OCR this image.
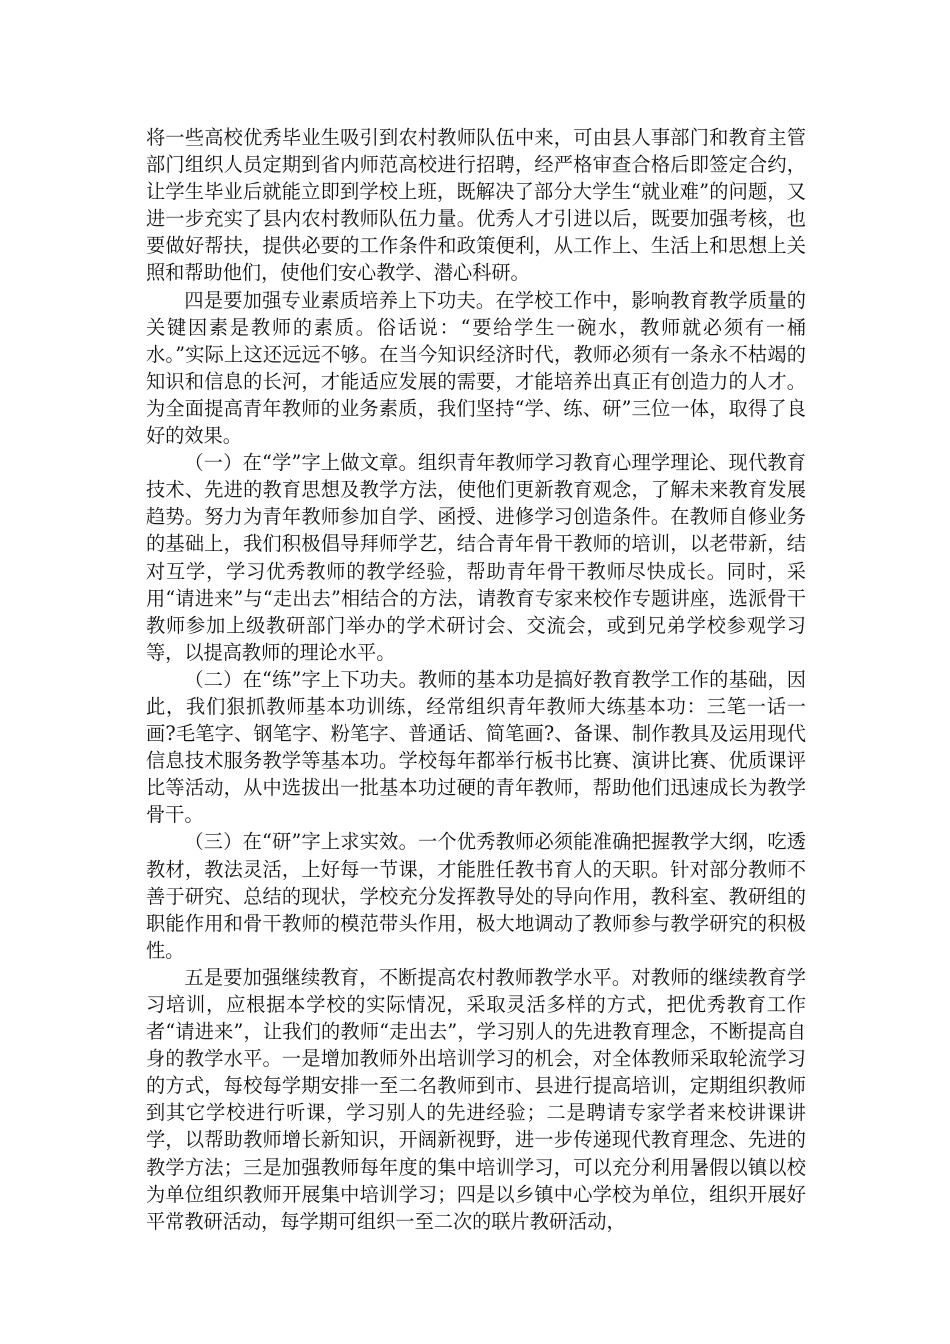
将一些高校优秀毕业生吸引到农村教师队伍中来，可由县人事部门和教育主管部门组织人员定期到省内师范高校进行招聘，经严格审查合格后即签定合约，让学生毕业后就能立即到学校上班，既解决了部分大学生“就业难”的问题，又进一步充实了县内农村教师队伍力量。优秀人才引进以后，既要加强考核，也要做好帮扶，提供必要的工作条件和政策便利，从工作上、生活上和思想上关照和帮助他们，使他们安心教学、潜心科研。

四是要加强专业素质培养上下功夫。在学校工作中，影响教育教学质量的关键因素是教师的素质。俗话说：“要给学生一碗水，教师就必须有一桶水。”实际上这还远远不够。在当今知识经济时代，教师必须有一条永不枯竭的知识和信息的长河，才能适应发展的需要，才能培养出真正有创造力的人才。为全面提高青年教师的业务素质，我们坚持“学、练、研”三位一体，取得了良好的效果。

（一）在“学”字上做文章。组织青年教师学习教育心理学理论、现代教育技术、先进的教育思想及教学方法，使他们更新教育观念，了解未来教育发展趋势。努力为青年教师参加自学、函授、进修学习创造条件。在教师自修业务的基础上，我们积极倡导拜师学艺，结合青年骨干教师的培训，以老带新，结对互学，学习优秀教师的教学经验，帮助青年骨干教师尽快成长。同时，采用“请进来”与“走出去”相结合的方法，请教育专家来校作专题讲座，选派骨干教师参加上级教研部门举办的学术研讨会、交流会，或到兄弟学校参观学习等，以提高教师的理论水平。

（二）在“练”字上下功夫。教师的基本功是搞好教育教学工作的基础，因此，我们狠抓教师基本功训练，经常组织青年教师大练基本功：三笔一话一画?毛笔字、钢笔字、粉笔字、普通话、简笔画?、备课、制作教具及运用现代信息技术服务教学等基本功。学校每年都举行板书比赛、演讲比赛、优质课评比等活动，从中选拔出一批基本功过硬的青年教师，帮助他们迅速成长为教学骨干。

（三）在“研”字上求实效。一个优秀教师必须能准确把握教学大纲，吃透教材，教法灵活，上好每一节课，才能胜任教书育人的天职。针对部分教师不善于研究、总结的现状，学校充分发挥教导处的导向作用，教科室、教研组的职能作用和骨干教师的模范带头作用，极大地调动了教师参与教学研究的积极性。

五是要加强继续教育，不断提高农村教师教学水平。对教师的继续教育学习培训，应根据本学校的实际情况，采取灵活多样的方式，把优秀教育工作者“请进来”，让我们的教师“走出去”，学习别人的先进教育理念，不断提高自身的教学水平。一是增加教师外出培训学习的机会，对全体教师采取轮流学习的方式，每校每学期安排一至二名教师到市、县进行提高培训，定期组织教师到其它学校进行听课，学习别人的先进经验；二是聘请专家学者来校讲课讲学，以帮助教师增长新知识，开阔新视野，进一步传递现代教育理念、先进的教学方法；三是加强教师每年度的集中培训学习，可以充分利用暑假以镇以校为单位组织教师开展集中培训学习；四是以乡镇中心学校为单位，组织开展好平常教研活动，每学期可组织一至二次的联片教研活动，
